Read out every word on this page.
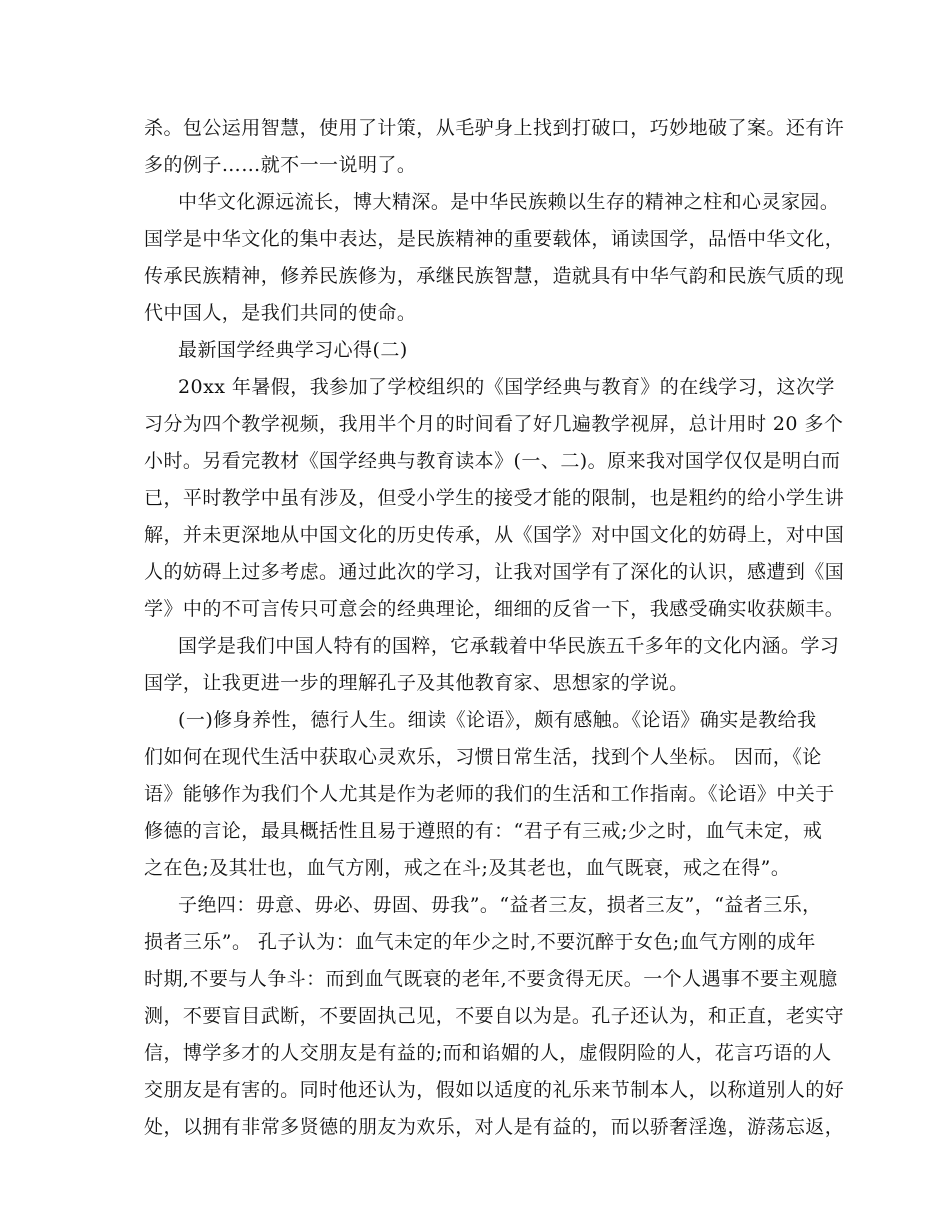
杀。包公运用智慧，使用了计策，从毛驴身上找到打破口，巧妙地破了案。还有许
多的例子……就不一一说明了。
中华文化源远流长，博大精深。是中华民族赖以生存的精神之柱和心灵家园。
国学是中华文化的集中表达，是民族精神的重要载体，诵读国学，品悟中华文化，
传承民族精神，修养民族修为，承继民族智慧，造就具有中华气韵和民族气质的现
代中国人，是我们共同的使命。
最新国学经典学习心得(二)
20xx 年暑假，我参加了学校组织的《国学经典与教育》的在线学习，这次学
习分为四个教学视频，我用半个月的时间看了好几遍教学视屏，总计用时 20 多个
小时。另看完教材《国学经典与教育读本》(一、二)。原来我对国学仅仅是明白而
已，平时教学中虽有涉及，但受小学生的接受才能的限制，也是粗约的给小学生讲
解，并未更深地从中国文化的历史传承，从《国学》对中国文化的妨碍上，对中国
人的妨碍上过多考虑。通过此次的学习，让我对国学有了深化的认识，感遭到《国
学》中的不可言传只可意会的经典理论，细细的反省一下，我感受确实收获颇丰。
国学是我们中国人特有的国粹，它承载着中华民族五千多年的文化内涵。学习
国学，让我更进一步的理解孔子及其他教育家、思想家的学说。
(一)修身养性，德行人生。细读《论语》，颇有感触。《论语》确实是教给我
们如何在现代生活中获取心灵欢乐，习惯日常生活，找到个人坐标。 因而，《论
语》能够作为我们个人尤其是作为老师的我们的生活和工作指南。《论语》中关于
修德的言论，最具概括性且易于遵照的有：“君子有三戒;少之时，血气未定，戒
之在色;及其壮也，血气方刚，戒之在斗;及其老也，血气既衰，戒之在得”。
子绝四：毋意、毋必、毋固、毋我”。“益者三友，损者三友”，“益者三乐，
损者三乐”。 孔子认为：血气未定的年少之时,不要沉醉于女色;血气方刚的成年
时期,不要与人争斗：而到血气既衰的老年,不要贪得无厌。一个人遇事不要主观臆
测，不要盲目武断，不要固执己见，不要自以为是。孔子还认为，和正直，老实守
信，博学多才的人交朋友是有益的;而和谄媚的人，虚假阴险的人，花言巧语的人
交朋友是有害的。同时他还认为，假如以适度的礼乐来节制本人，以称道别人的好
处，以拥有非常多贤德的朋友为欢乐，对人是有益的，而以骄奢淫逸，游荡忘返，
